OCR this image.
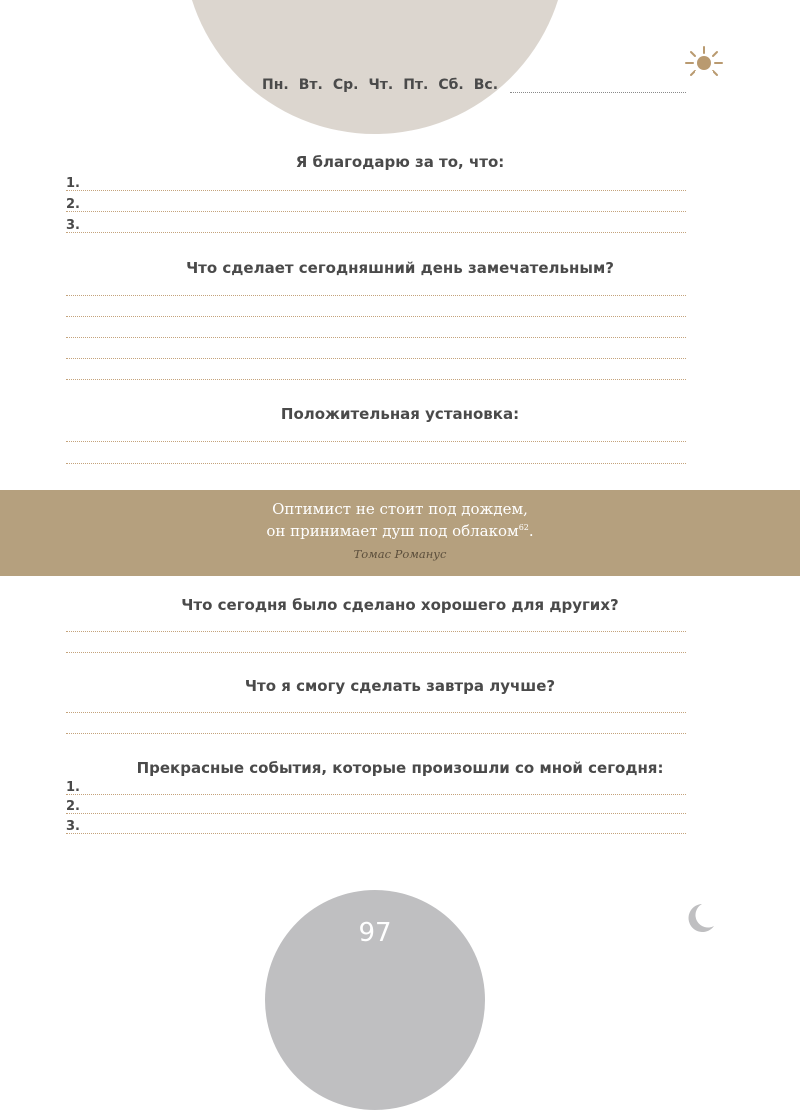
Пн. Вт. Ср. Чт. Пт. Сб. Вс.
Я благодарю за то, что:
1.
2.
3.
Что сделает сегодняшний день замечательным?
Положительная установка:
Оптимист не стоит под дождем,
он принимает душ под облаком$^{62}$.
Томас Романус
Что сегодня было сделано хорошего для других?
Что я смогу сделать завтра лучше?
Прекрасные события, которые произошли со мной сегодня:
1.
2.
3.
97
